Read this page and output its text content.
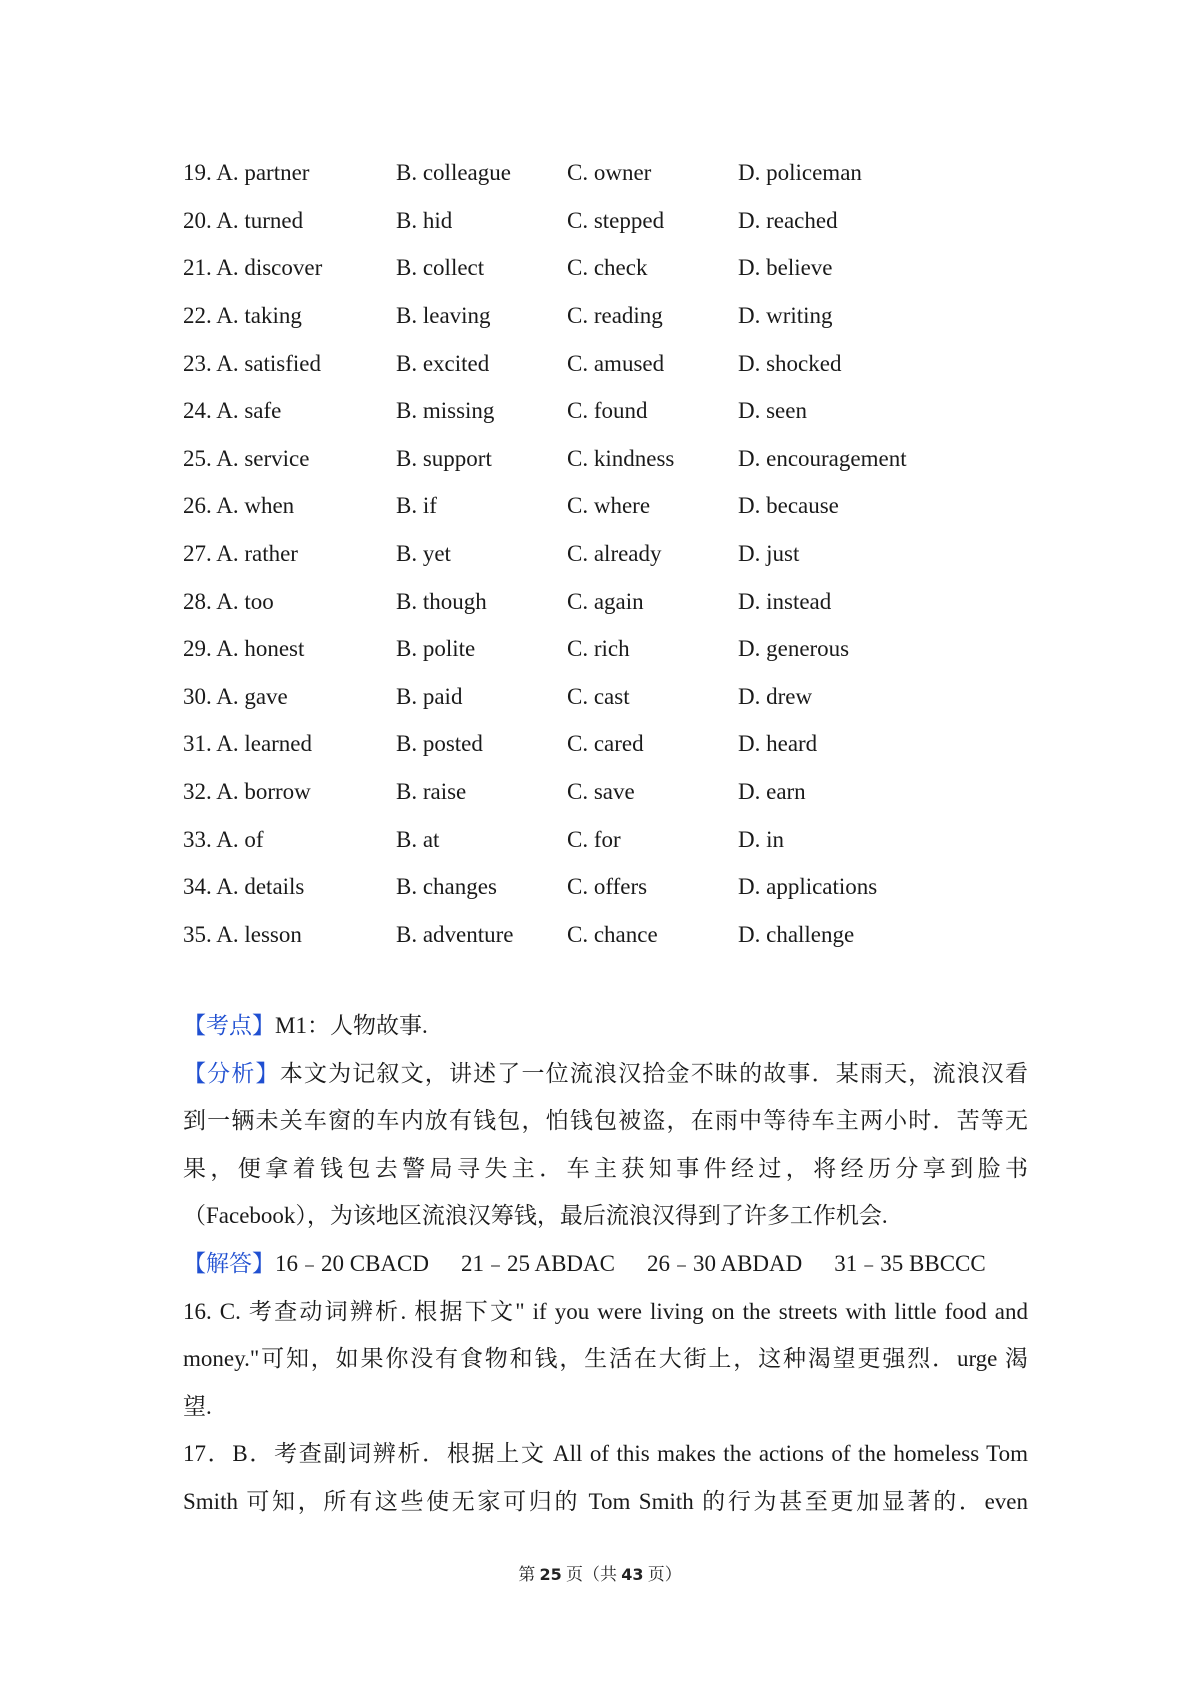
19. A. partner	B. colleague	C. owner	D. policeman
20. A. turned	B. hid	C. stepped	D. reached
21. A. discover	B. collect	C. check	D. believe
22. A. taking	B. leaving	C. reading	D. writing
23. A. satisfied	B. excited	C. amused	D. shocked
24. A. safe	B. missing	C. found	D. seen
25. A. service	B. support	C. kindness	D. encouragement
26. A. when	B. if	C. where	D. because
27. A. rather	B. yet	C. already	D. just
28. A. too	B. though	C. again	D. instead
29. A. honest	B. polite	C. rich	D. generous
30. A. gave	B. paid	C. cast	D. drew
31. A. learned	B. posted	C. cared	D. heard
32. A. borrow	B. raise	C. save	D. earn
33. A. of	B. at	C. for	D. in
34. A. details	B. changes	C. offers	D. applications
35. A. lesson	B. adventure	C. chance	D. challenge
【考点】M1：人物故事.
【分析】本文为记叙文，讲述了一位流浪汉拾金不昧的故事．某雨天，流浪汉看
到一辆未关车窗的车内放有钱包，怕钱包被盗，在雨中等待车主两小时．苦等无
果，便拿着钱包去警局寻失主．车主获知事件经过，将经历分享到脸书
（Facebook），为该地区流浪汉筹钱，最后流浪汉得到了许多工作机会.
【解答】16﹣20 CBACD 21﹣25 ABDAC 26﹣30 ABDAD 31﹣35 BBCCC
16. C. 考查动词辨析. 根据下文" if you were living on the streets with little food and
money."可知，如果你没有食物和钱，生活在大街上，这种渴望更强烈．urge 渴
望.
17．B．考查副词辨析．根据上文 All of this makes the actions of the homeless Tom
Smith 可知，所有这些使无家可归的 Tom Smith 的行为甚至更加显著的．even
第 25 页（共 43 页）
